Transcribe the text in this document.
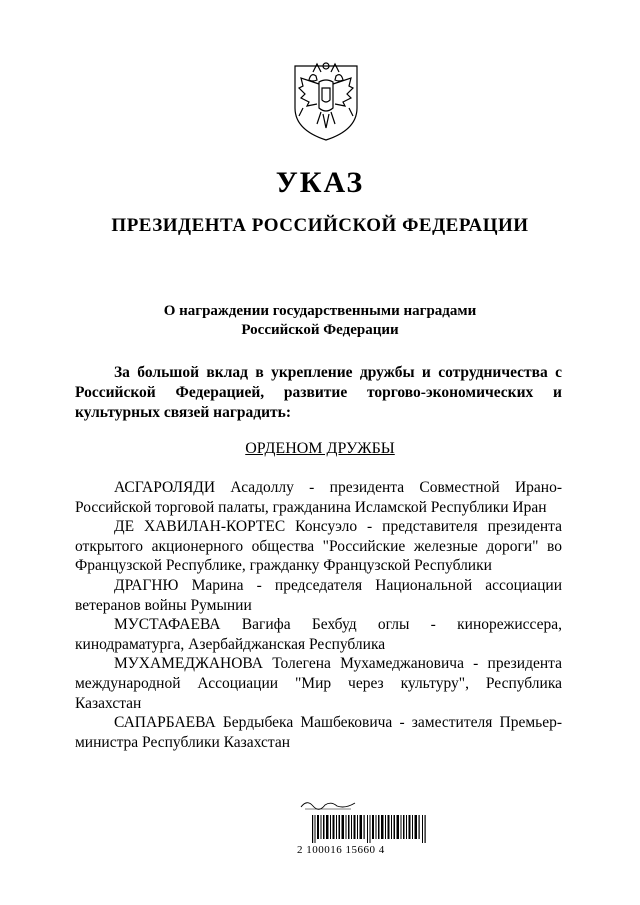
УКАЗ
ПРЕЗИДЕНТА РОССИЙСКОЙ ФЕДЕРАЦИИ
О награждении государственными наградами
Российской Федерации

За большой вклад в укрепление дружбы и сотрудничества с Российской Федерацией, развитие торгово-экономических и культурных связей наградить:

ОРДЕНОМ ДРУЖБЫ

АСГАРОЛЯДИ Асадоллу - президента Совместной Ирано-Российской торговой палаты, гражданина Исламской Республики Иран
ДЕ ХАВИЛАН-КОРТЕС Консуэло - представителя президента открытого акционерного общества "Российские железные дороги" во Французской Республике, гражданку Французской Республики
ДРАГНЮ Марина - председателя Национальной ассоциации ветеранов войны Румынии
МУСТАФАЕВА Вагифа Бехбуд оглы - кинорежиссера, кинодраматурга, Азербайджанская Республика
МУХАМЕДЖАНОВА Толегена Мухамеджановича - президента международной Ассоциации "Мир через культуру", Республика Казахстан
САПАРБАЕВА Бердыбека Машбековича - заместителя Премьер-министра Республики Казахстан

2 100016 15660 4
